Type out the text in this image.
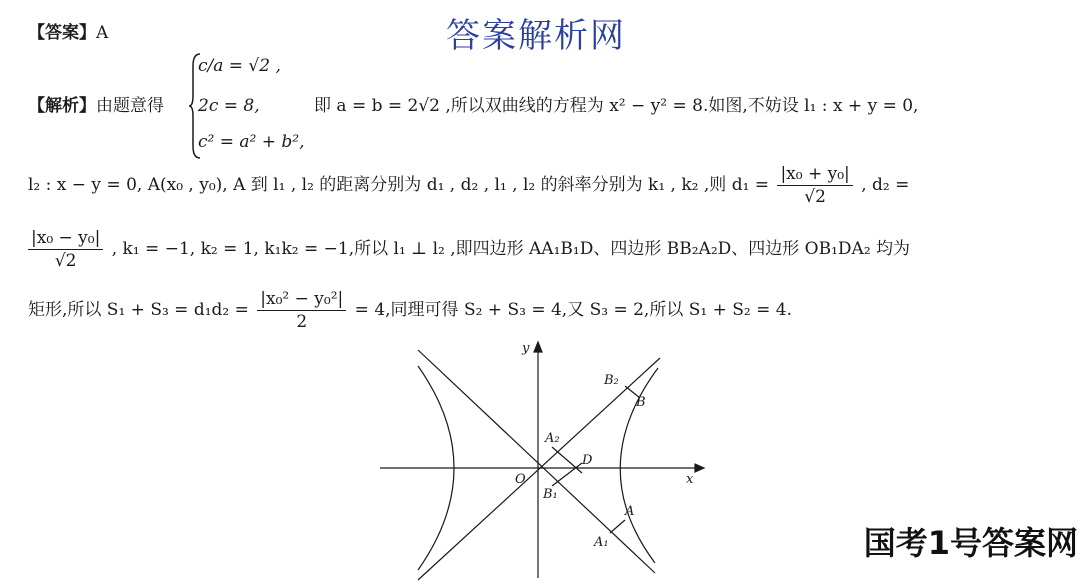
答案解析网
【答案】A
【解析】由题意得
c/a = √2 ,
2c = 8,
c² = a² + b²,
即 a = b = 2√2 ,所以双曲线的方程为 x² − y² = 8.如图,不妨设 l₁ : x + y = 0,
l₂ : x − y = 0, A(x₀ , y₀), A 到 l₁ , l₂ 的距离分别为 d₁ , d₂ , l₁ , l₂ 的斜率分别为 k₁ , k₂ ,则 $d_1 = \frac{\text{|x₀ + y₀|}}{√2}$ , d₂ =
$\frac{\text{|x₀ − y₀|}}{√2}$ , k₁ = −1, k₂ = 1, k₁k₂ = −1,所以 l₁ ⊥ l₂ ,即四边形 AA₁B₁D、四边形 BB₂A₂D、四边形 OB₁DA₂ 均为
矩形,所以 $S_1 + S_3 = d_1d_2 = \frac{\text{|x₀² − y₀²|}}{2} = 4$,同理可得 S₂ + S₃ = 4,又 S₃ = 2,所以 S₁ + S₂ = 4.
y
x
O
B₂
B
A₂
D
B₁
A
A₁	国考1号答案网
